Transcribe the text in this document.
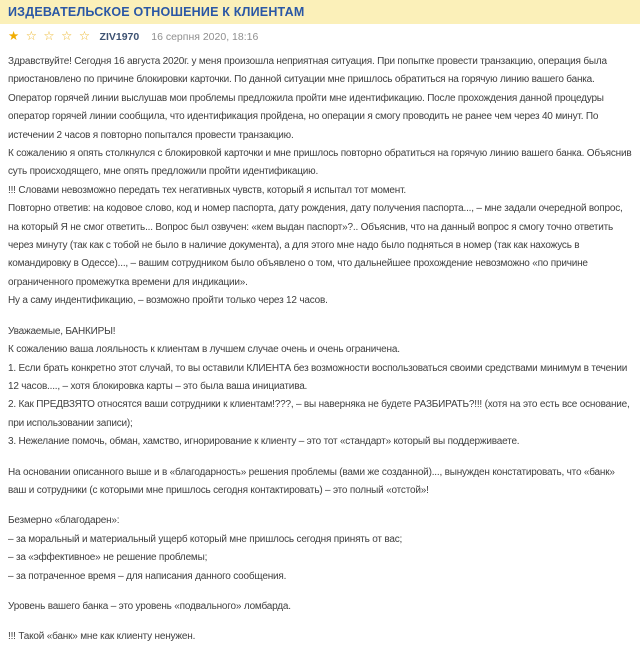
ИЗДЕВАТЕЛЬСКОЕ ОТНОШЕНИЕ К КЛИЕНТАМ
★ ☆ ☆ ☆ ☆ ZIV1970 16 серпня 2020, 18:16

Здравствуйте! Сегодня 16 августа 2020г. у меня произошла неприятная ситуация. При попытке провести транзакцию, операция была приостановлено по причине блокировки карточки. По данной ситуации мне пришлось обратиться на горячую линию вашего банка. Оператор горячей линии выслушав мои проблемы предложила пройти мне идентификацию. После прохождения данной процедуры оператор горячей линии сообщила, что идентификация пройдена, но операции я смогу проводить не ранее чем через 40 минут. По истечении 2 часов я повторно попытался провести транзакцию.

К сожалению я опять столкнулся с блокировкой карточки и мне пришлось повторно обратиться на горячую линию вашего банка. Объяснив суть происходящего, мне опять предложили пройти идентификацию.

!!! Словами невозможно передать тех негативных чувств, который я испытал тот момент.

Повторно ответив: на кодовое слово, код и номер паспорта, дату рождения, дату получения паспорта..., – мне задали очередной вопрос, на который Я не смог ответить... Вопрос был озвучен: «кем выдан паспорт»?.. Объяснив, что на данный вопрос я смогу точно ответить через минуту (так как с тобой не было в наличие документа), а для этого мне надо было подняться в номер (так как нахожусь в командировку в Одессе)..., – вашим сотрудником было объявлено о том, что дальнейшее прохождение невозможно «по причине ограниченного промежутка времени для индикации».

Ну а саму индентификацию, – возможно пройти только через 12 часов.

Уважаемые, БАНКИРЫ!

К сожалению ваша лояльность к клиентам в лучшем случае очень и очень ограничена.

1. Если брать конкретно этот случай, то вы оставили КЛИЕНТА без возможности воспользоваться своими средствами минимум в течении 12 часов...., – хотя блокировка карты – это была ваша инициатива.

2. Как ПРЕДВЗЯТО относятся ваши сотрудники к клиентам!???, – вы наверняка не будете РАЗБИРАТЬ?!!! (хотя на это есть все основание, при использовании записи);

3. Нежелание помочь, обман, хамство, игнорирование к клиенту – это тот «стандарт» который вы поддерживаете.

На основании описанного выше и в «благодарность» решения проблемы (вами же созданной)..., вынужден констатировать, что «банк» ваш и сотрудники (с которыми мне пришлось сегодня контактировать) – это полный «отстой»!

Безмерно «благодарен»:

– за моральный и материальный ущерб который мне пришлось сегодня принять от вас;

– за «эффективное» не решение проблемы;

– за потраченное время – для написания данного сообщения.

Уровень вашего банка – это уровень «подвального» ломбарда.

!!! Такой «банк» мне как клиенту ненужен.
